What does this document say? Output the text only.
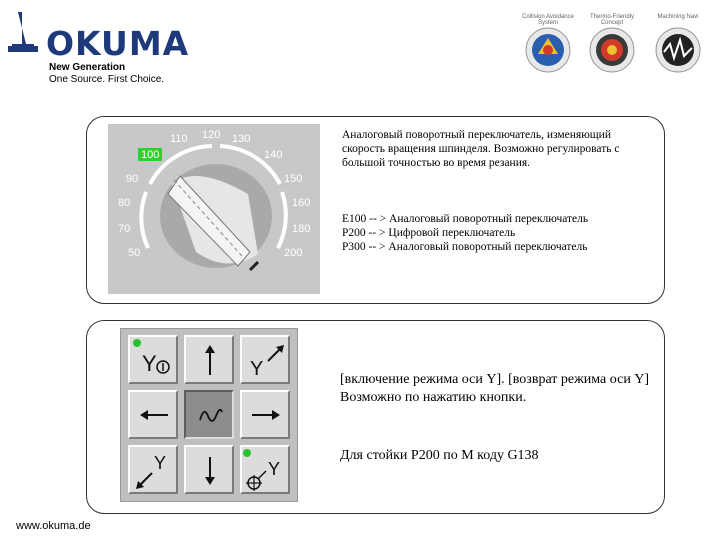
OKUMA
New Generation
One Source. First Choice.
Collision Avoidance System
Thermo-Friendly Concept
Machining Navi
50
70
80
90
110 120 130
140
150
160
180
200
100
Аналоговый поворотный переключатель, изменяющий скорость вращения шпинделя. Возможно регулировать с большой точностью во время резания.
E100 -- > Аналоговый поворотный переключатель
P200 -- > Цифровой переключатель
P300 -- > Аналоговый поворотный переключатель
Y	Y
Y	Y
[включение режима оси Y]. [возврат режима оси Y] Возможно по нажатию кнопки.
Для стойки P200 по M коду G138
www.okuma.de
